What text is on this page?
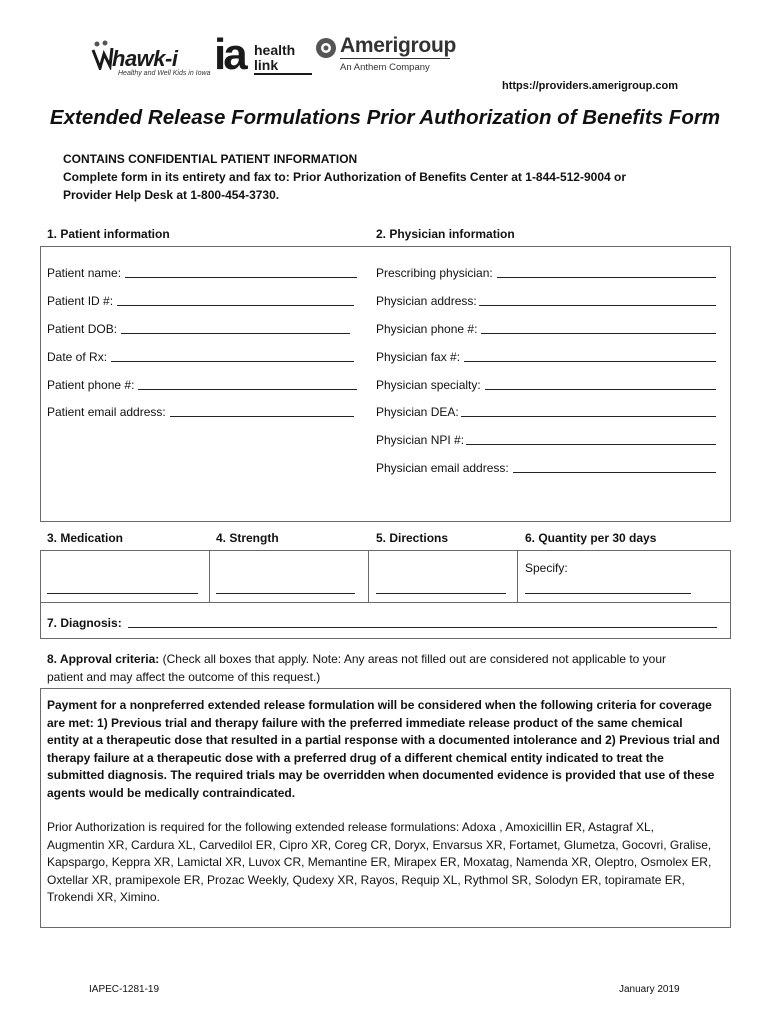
hawk-i
Healthy and Well Kids in Iowa ia health
link
Amerigroup
An Anthem Company
https://providers.amerigroup.com
Extended Release Formulations Prior Authorization of Benefits Form
CONTAINS CONFIDENTIAL PATIENT INFORMATION
Complete form in its entirety and fax to: Prior Authorization of Benefits Center at 1-844-512-9004 or
Provider Help Desk at 1-800-454-3730.
1. Patient information	2. Physician information
Patient name:
Patient ID #:
Patient DOB:
Date of Rx:
Patient phone #:
Patient email address:
Prescribing physician:
Physician address:
Physician phone #:
Physician fax #:
Physician specialty:
Physician DEA:
Physician NPI #:
Physician email address:
3. Medication	4. Strength	5. Directions	6. Quantity per 30 days
Specify:
7. Diagnosis:
8. Approval criteria: (Check all boxes that apply. Note: Any areas not filled out are considered not applicable to your
patient and may affect the outcome of this request.)
Payment for a nonpreferred extended release formulation will be considered when the following criteria for coverage
are met: 1) Previous trial and therapy failure with the preferred immediate release product of the same chemical
entity at a therapeutic dose that resulted in a partial response with a documented intolerance and 2) Previous trial and
therapy failure at a therapeutic dose with a preferred drug of a different chemical entity indicated to treat the
submitted diagnosis. The required trials may be overridden when documented evidence is provided that use of these
agents would be medically contraindicated.
Prior Authorization is required for the following extended release formulations: Adoxa , Amoxicillin ER, Astagraf XL,
Augmentin XR, Cardura XL, Carvedilol ER, Cipro XR, Coreg CR, Doryx, Envarsus XR, Fortamet, Glumetza, Gocovri, Gralise,
Kapspargo, Keppra XR, Lamictal XR, Luvox CR, Memantine ER, Mirapex ER, Moxatag, Namenda XR, Oleptro, Osmolex ER,
Oxtellar XR, pramipexole ER, Prozac Weekly, Qudexy XR, Rayos, Requip XL, Rythmol SR, Solodyn ER, topiramate ER,
Trokendi XR, Ximino.
IAPEC-1281-19	January 2019
